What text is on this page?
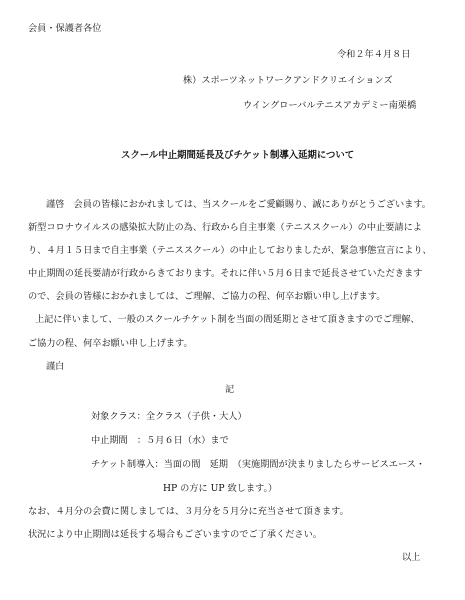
会員・保護者各位
令和２年４月８日
株）スポーツネットワークアンドクリエイションズ
ウイングローバルテニスアカデミー南栗橋
スクール中止期間延長及びチケット制導入延期について
謹啓　会員の皆様におかれましては、当スクールをご愛顧賜り、誠にありがとうございます。
新型コロナウイルスの感染拡大防止の為、行政から自主事業（テニススクール）の中止要請によ
り、４月１５日まで自主事業（テニススクール）の中止しておりましたが、緊急事態宣言により、
中止期間の延長要請が行政からきております。それに伴い５月６日まで延長させていただきます
ので、会員の皆様におかれましては、ご理解、ご協力の程、何卒お願い申し上げます。
上記に伴いまして、一般のスクールチケット制を当面の間延期とさせて頂きますのでご理解、
ご協力の程、何卒お願い申し上げます。
謹白
記
対象クラス：全クラス（子供・大人）
中止期間　：５月６日（水）まで
チケット制導入：当面の間　延期　（実施期間が決まりましたらサービスエース・
HP の方に UP 致します。）
なお、４月分の会費に関しましては、３月分を５月分に充当させて頂きます。
状況により中止期間は延長する場合もございますのでご了承ください。
以上
